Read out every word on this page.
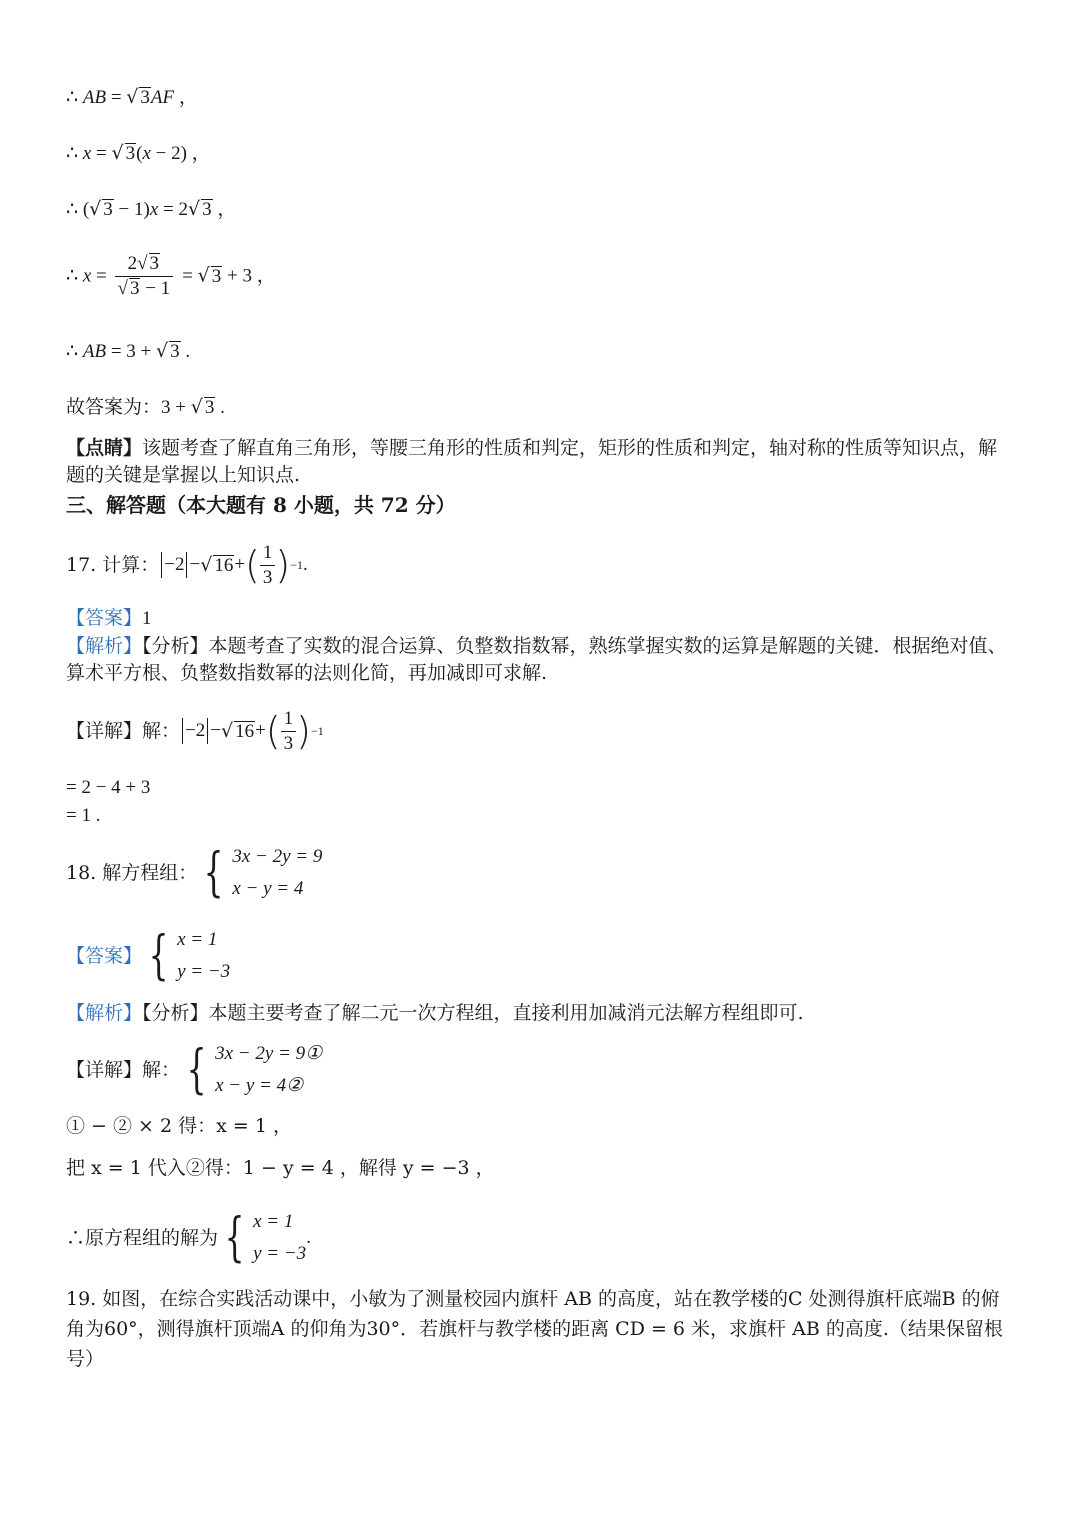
∴ AB = √ 3AF ，
∴ x = √ 3(x − 2) ，
∴ (√ 3 − 1)x = 2√ 3 ，
∴ $x = \frac{2√ 3}{√ 3 - 1}$ = √ 3 + 3 ，
∴ AB = 3 + √ 3 .
故答案为：3 + √ 3 .
【点睛】该题考查了解直角三角形，等腰三角形的性质和判定，矩形的性质和判定，轴对称的性质等知识点，解题的关键是掌握以上知识点.
三、解答题（本大题有 8 小题，共 72 分）
17. 计算： −2 − √ 16 + ( $\frac{1}{3}$ ) −1 .
【答案】1
【解析】【分析】本题考查了实数的混合运算、负整数指数幂，熟练掌握实数的运算是解题的关键．根据绝对值、算术平方根、负整数指数幂的法则化简，再加减即可求解.
【详解】解： −2 − √ 16 + ( $\frac{1}{3}$ ) −1
= 2 − 4 + 3
= 1 .
18. 解方程组： { 3x − 2y = 9
x − y = 4
【答案】 { x = 1
y = −3
【解析】【分析】本题主要考查了解二元一次方程组，直接利用加减消元法解方程组即可.
【详解】解： { 3x − 2y = 9①
x − y = 4②
① − ② × 2 得：x = 1 ，
把 x = 1 代入②得：1 − y = 4 ，解得 y = −3 ，
∴原方程组的解为 { x = 1
y = −3
.
19. 如图，在综合实践活动课中，小敏为了测量校园内旗杆 AB 的高度，站在教学楼的C 处测得旗杆底端B 的俯角为60°，测得旗杆顶端A 的仰角为30°．若旗杆与教学楼的距离 CD = 6 米，求旗杆 AB 的高度.（结果保留根号）
